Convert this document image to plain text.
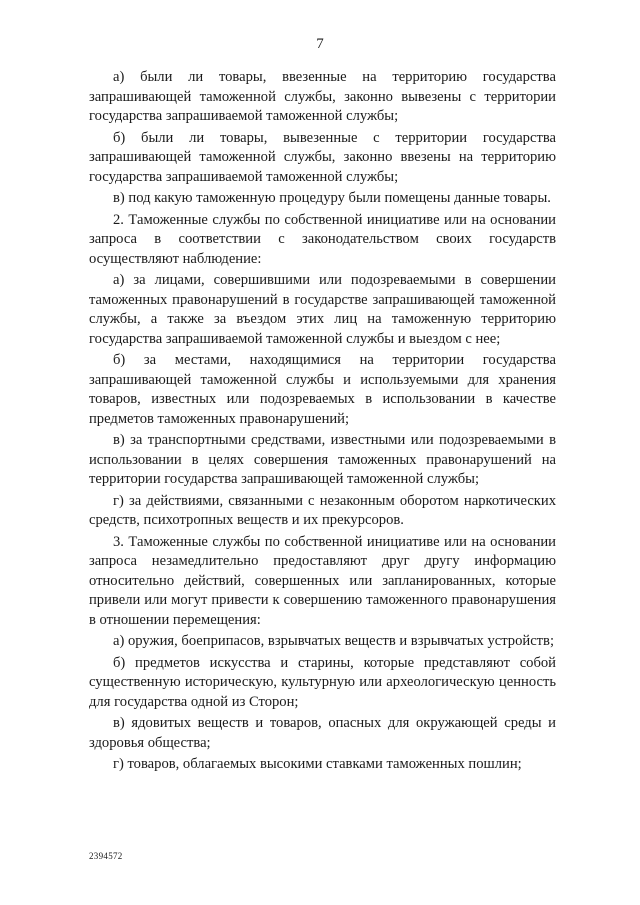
7

а) были ли товары, ввезенные на территорию государства запрашивающей таможенной службы, законно вывезены с территории государства запрашиваемой таможенной службы;

б) были ли товары, вывезенные с территории государства запрашивающей таможенной службы, законно ввезены на территорию государства запрашиваемой таможенной службы;

в) под какую таможенную процедуру были помещены данные товары.

2. Таможенные службы по собственной инициативе или на основании запроса в соответствии с законодательством своих государств осуществляют наблюдение:

а) за лицами, совершившими или подозреваемыми в совершении таможенных правонарушений в государстве запрашивающей таможенной службы, а также за въездом этих лиц на таможенную территорию государства запрашиваемой таможенной службы и выездом с нее;

б) за местами, находящимися на территории государства запрашивающей таможенной службы и используемыми для хранения товаров, известных или подозреваемых в использовании в качестве предметов таможенных правонарушений;

в) за транспортными средствами, известными или подозреваемыми в использовании в целях совершения таможенных правонарушений на территории государства запрашивающей таможенной службы;

г) за действиями, связанными с незаконным оборотом наркотических средств, психотропных веществ и их прекурсоров.

3. Таможенные службы по собственной инициативе или на основании запроса незамедлительно предоставляют друг другу информацию относительно действий, совершенных или запланированных, которые привели или могут привести к совершению таможенного правонарушения в отношении перемещения:

а) оружия, боеприпасов, взрывчатых веществ и взрывчатых устройств;

б) предметов искусства и старины, которые представляют собой существенную историческую, культурную или археологическую ценность для государства одной из Сторон;

в) ядовитых веществ и товаров, опасных для окружающей среды и здоровья общества;

г) товаров, облагаемых высокими ставками таможенных пошлин;

2394572
